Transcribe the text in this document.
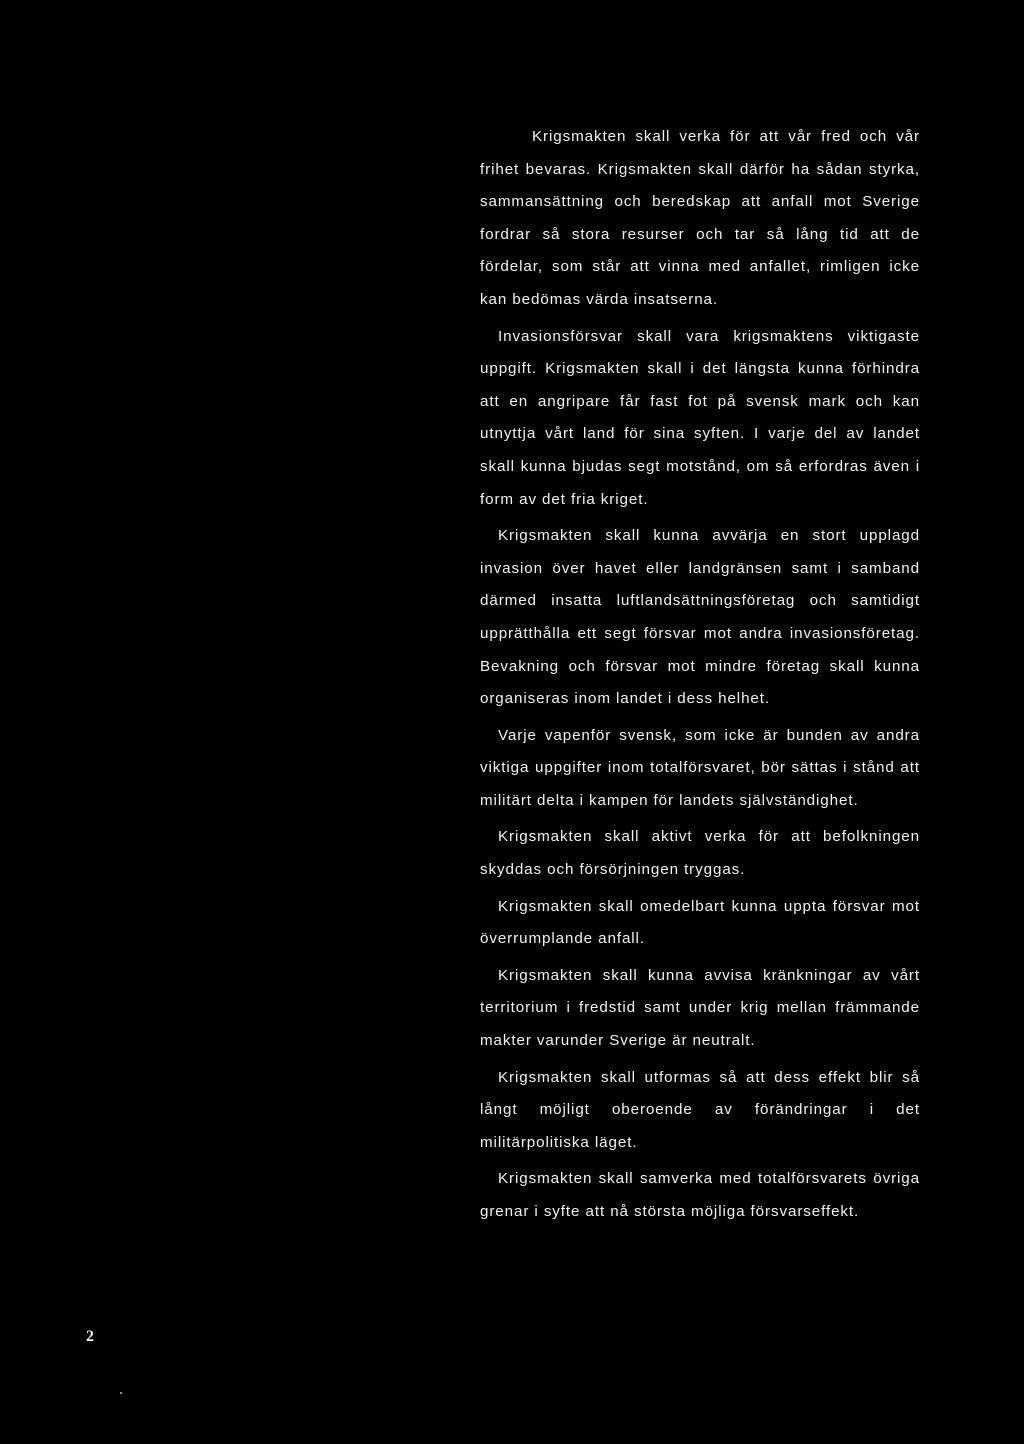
Krigsmakten skall verka för att vår fred och vår frihet bevaras. Krigsmakten skall därför ha sådan styrka, sammansättning och beredskap att anfall mot Sverige fordrar så stora resurser och tar så lång tid att de fördelar, som står att vinna med anfallet, rimligen icke kan bedömas värda insatserna.

Invasionsförsvar skall vara krigsmaktens viktigaste uppgift. Krigsmakten skall i det längsta kunna förhindra att en angripare får fast fot på svensk mark och kan utnyttja vårt land för sina syften. I varje del av landet skall kunna bjudas segt motstånd, om så erfordras även i form av det fria kriget.

Krigsmakten skall kunna avvärja en stort upplagd invasion över havet eller landgränsen samt i samband därmed insatta luftlandsättningsföretag och samtidigt upprätthålla ett segt försvar mot andra invasionsföretag. Bevakning och försvar mot mindre företag skall kunna organiseras inom landet i dess helhet.

Varje vapenför svensk, som icke är bunden av andra viktiga uppgifter inom totalförsvaret, bör sättas i stånd att militärt delta i kampen för landets självständighet.

Krigsmakten skall aktivt verka för att befolkningen skyddas och försörjningen tryggas.

Krigsmakten skall omedelbart kunna uppta försvar mot överrumplande anfall.

Krigsmakten skall kunna avvisa kränkningar av vårt territorium i fredstid samt under krig mellan främmande makter varunder Sverige är neutralt.

Krigsmakten skall utformas så att dess effekt blir så långt möjligt oberoende av förändringar i det militärpolitiska läget.

Krigsmakten skall samverka med totalförsvarets övriga grenar i syfte att nå största möjliga försvarseffekt.

2
